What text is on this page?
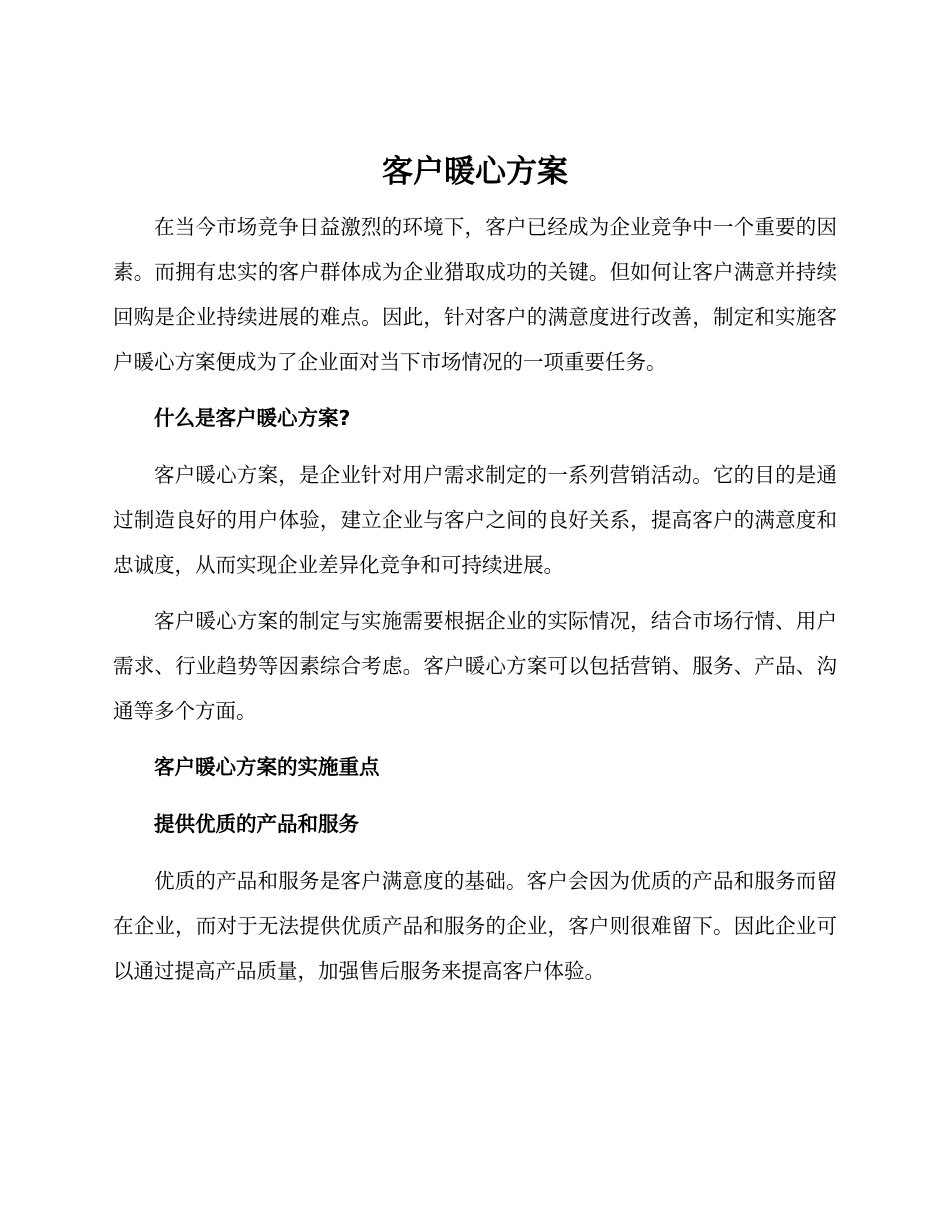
客户暖心方案

在当今市场竞争日益激烈的环境下，客户已经成为企业竞争中一个重要的因素。而拥有忠实的客户群体成为企业猎取成功的关键。但如何让客户满意并持续回购是企业持续进展的难点。因此，针对客户的满意度进行改善，制定和实施客户暖心方案便成为了企业面对当下市场情况的一项重要任务。

什么是客户暖心方案?

客户暖心方案，是企业针对用户需求制定的一系列营销活动。它的目的是通过制造良好的用户体验，建立企业与客户之间的良好关系，提高客户的满意度和忠诚度，从而实现企业差异化竞争和可持续进展。

客户暖心方案的制定与实施需要根据企业的实际情况，结合市场行情、用户需求、行业趋势等因素综合考虑。客户暖心方案可以包括营销、服务、产品、沟通等多个方面。

客户暖心方案的实施重点

提供优质的产品和服务

优质的产品和服务是客户满意度的基础。客户会因为优质的产品和服务而留在企业，而对于无法提供优质产品和服务的企业，客户则很难留下。因此企业可以通过提高产品质量，加强售后服务来提高客户体验。
